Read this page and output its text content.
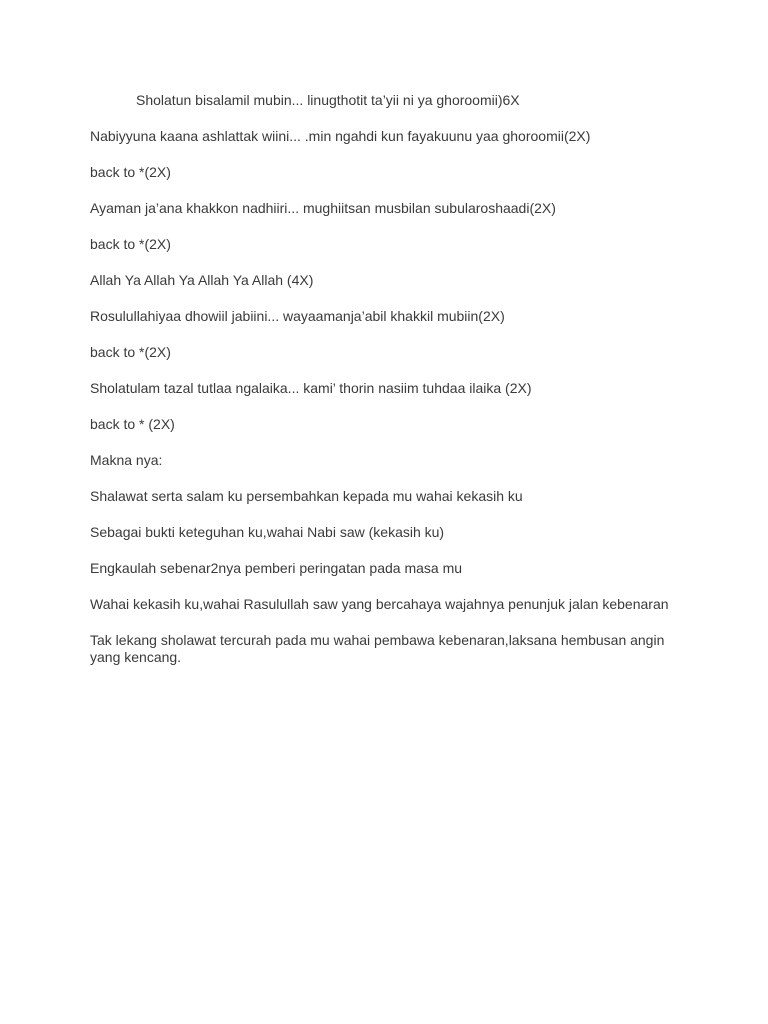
Sholatun bisalamil mubin... linugthotit ta’yii ni ya ghoroomii)6X

Nabiyyuna kaana ashlattak wiini... .min ngahdi kun fayakuunu yaa ghoroomii(2X)

back to *(2X)

Ayaman ja’ana khakkon nadhiiri... mughiitsan musbilan subularoshaadi(2X)

back to *(2X)

Allah Ya Allah Ya Allah Ya Allah (4X)

Rosulullahiyaa dhowiil jabiini... wayaamanja’abil khakkil mubiin(2X)

back to *(2X)

Sholatulam tazal tutlaa ngalaika... kami’ thorin nasiim tuhdaa ilaika (2X)

back to * (2X)

Makna nya:

Shalawat serta salam ku persembahkan kepada mu wahai kekasih ku

Sebagai bukti keteguhan ku,wahai Nabi saw (kekasih ku)

Engkaulah sebenar2nya pemberi peringatan pada masa mu

Wahai kekasih ku,wahai Rasulullah saw yang bercahaya wajahnya penunjuk jalan kebenaran

Tak lekang sholawat tercurah pada mu wahai pembawa kebenaran,laksana hembusan angin yang kencang.
